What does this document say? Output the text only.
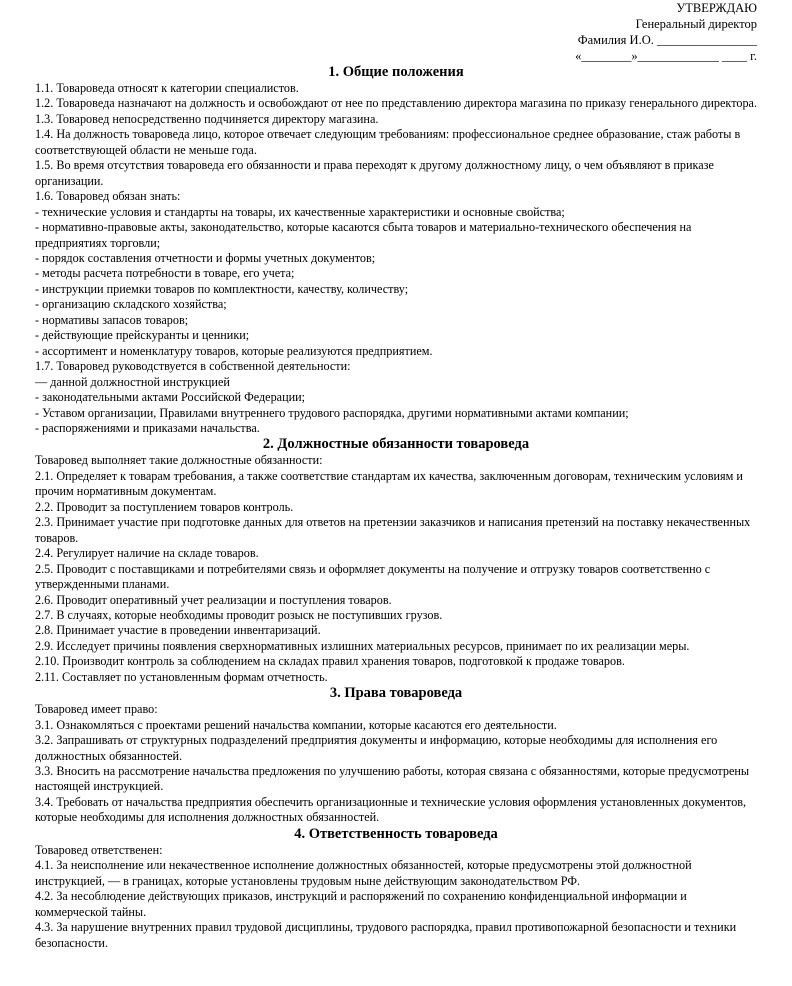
УТВЕРЖДАЮ
Генеральный директор
Фамилия И.О. ________________
«________»_____________ ____ г.
1. Общие положения
1.1. Товароведа относят к категории специалистов.
1.2. Товароведа назначают на должность и освобождают от нее по представлению директора магазина по приказу генерального директора.
1.3. Товаровед непосредственно подчиняется директору магазина.
1.4. На должность товароведа лицо, которое отвечает следующим требованиям: профессиональное среднее образование, стаж работы в соответствующей области не меньше года.
1.5. Во время отсутствия товароведа его обязанности и права переходят к другому должностному лицу, о чем объявляют в приказе организации.
1.6. Товаровед обязан знать:
- технические условия и стандарты на товары, их качественные характеристики и основные свойства;
- нормативно-правовые акты, законодательство, которые касаются сбыта товаров и материально-технического обеспечения на предприятиях торговли;
- порядок составления отчетности и формы учетных документов;
- методы расчета потребности в товаре, его учета;
- инструкции приемки товаров по комплектности, качеству, количеству;
- организацию складского хозяйства;
- нормативы запасов товаров;
- действующие прейскуранты и ценники;
- ассортимент и номенклатуру товаров, которые реализуются предприятием.
1.7. Товаровед руководствуется в собственной деятельности:
— данной должностной инструкцией
- законодательными актами Российской Федерации;
- Уставом организации, Правилами внутреннего трудового распорядка, другими нормативными актами компании;
- распоряжениями и приказами начальства.
2. Должностные обязанности товароведа
Товаровед выполняет такие должностные обязанности:
2.1. Определяет к товарам требования, а также соответствие стандартам их качества, заключенным договорам, техническим условиям и прочим нормативным документам.
2.2. Проводит за поступлением товаров контроль.
2.3. Принимает участие при подготовке данных для ответов на претензии заказчиков и написания претензий на поставку некачественных товаров.
2.4. Регулирует наличие на складе товаров.
2.5. Проводит с поставщиками и потребителями связь и оформляет документы на получение и отгрузку товаров соответственно с утвержденными планами.
2.6. Проводит оперативный учет реализации и поступления товаров.
2.7. В случаях, которые необходимы проводит розыск не поступивших грузов.
2.8. Принимает участие в проведении инвентаризаций.
2.9. Исследует причины появления сверхнормативных излишних материальных ресурсов, принимает по их реализации меры.
2.10. Производит контроль за соблюдением на складах правил хранения товаров, подготовкой к продаже товаров.
2.11. Составляет по установленным формам отчетность.
3. Права товароведа
Товаровед имеет право:
3.1. Ознакомляться с проектами решений начальства компании, которые касаются его деятельности.
3.2. Запрашивать от структурных подразделений предприятия документы и информацию, которые необходимы для исполнения его должностных обязанностей.
3.3. Вносить на рассмотрение начальства предложения по улучшению работы, которая связана с обязанностями, которые предусмотрены настоящей инструкцией.
3.4. Требовать от начальства предприятия обеспечить организационные и технические условия оформления установленных документов, которые необходимы для исполнения должностных обязанностей.
4. Ответственность товароведа
Товаровед ответственен:
4.1. За неисполнение или некачественное исполнение должностных обязанностей, которые предусмотрены этой должностной инструкцией, — в границах, которые установлены трудовым ныне действующим законодательством РФ.
4.2. За несоблюдение действующих приказов, инструкций и распоряжений по сохранению конфиденциальной информации и коммерческой тайны.
4.3. За нарушение внутренних правил трудовой дисциплины, трудового распорядка, правил противопожарной безопасности и техники безопасности.
